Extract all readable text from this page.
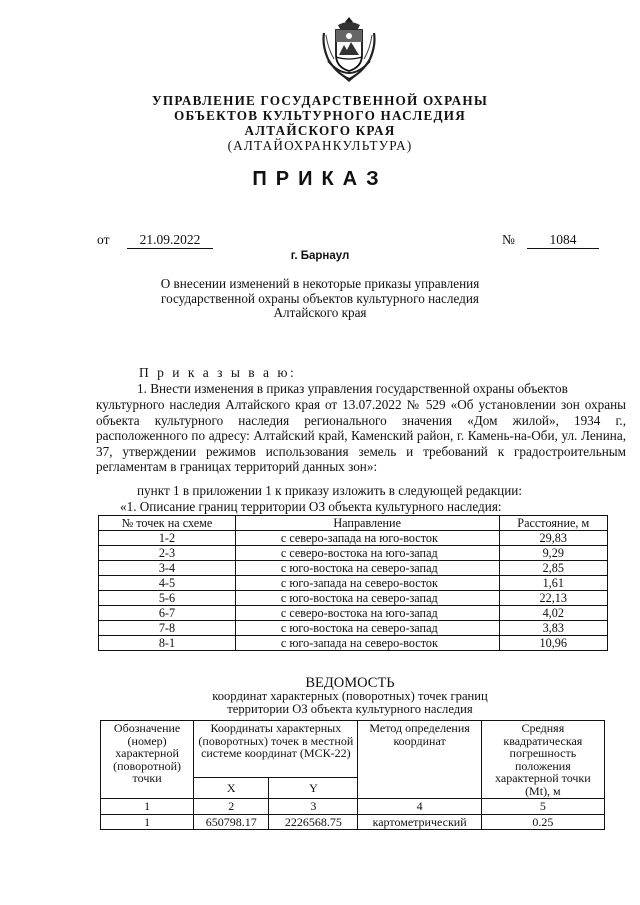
УПРАВЛЕНИЕ ГОСУДАРСТВЕННОЙ ОХРАНЫ
ОБЪЕКТОВ КУЛЬТУРНОГО НАСЛЕДИЯ
АЛТАЙСКОГО КРАЯ
(АЛТАЙОХРАНКУЛЬТУРА)
ПРИКАЗ
от	21.09.2022	№	1084
г. Барнаул
О внесении изменений в некоторые приказы управления
государственной охраны объектов культурного наследия
Алтайского края
П р и к а з ы в а ю:
1. Внести изменения в приказ управления государственной охраны объектов
культурного наследия Алтайского края от 13.07.2022 № 529 «Об установлении зон охраны объекта культурного наследия регионального значения «Дом жилой», 1934 г., расположенного по адресу: Алтайский край, Каменский район, г. Камень-на-Оби, ул. Ленина, 37, утверждении режимов использования земель и требований к градостроительным регламентам в границах территорий данных зон»:
пункт 1 в приложении 1 к приказу изложить в следующей редакции:
«1. Описание границ территории ОЗ объекта культурного наследия:
№ точек на схеме	Направление	Расстояние, м
1-2	с северо-запада на юго-восток	29,83
2-3	с северо-востока на юго-запад	9,29
3-4	с юго-востока на северо-запад	2,85
4-5	с юго-запада на северо-восток	1,61
5-6	с юго-востока на северо-запад	22,13
6-7	с северо-востока на юго-запад	4,02
7-8	с юго-востока на северо-запад	3,83
8-1	с юго-запада на северо-восток	10,96
ВЕДОМОСТЬ
координат характерных (поворотных) точек границ
территории ОЗ объекта культурного наследия
Обозначение (номер) характерной (поворотной) точки	Координаты характерных (поворотных) точек в местной системе координат (МСК-22)		Метод определения координат	Средняя квадратическая погрешность положения характерной точки (Mt), м
	X	Y		
1	2	3	4	5
1	650798.17	2226568.75	картометрический	0.25
